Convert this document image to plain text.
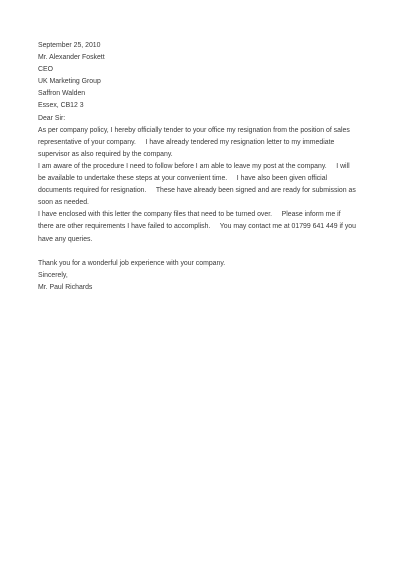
September 25, 2010
Mr. Alexander Foskett
CEO
UK Marketing Group
Saffron Walden
Essex, CB12 3
Dear Sir:
As per company policy, I hereby officially tender to your office my resignation from the position of sales
representative of your company.     I have already tendered my resignation letter to my immediate
supervisor as also required by the company.
I am aware of the procedure I need to follow before I am able to leave my post at the company.     I will
be available to undertake these steps at your convenient time.     I have also been given official
documents required for resignation.     These have already been signed and are ready for submission as
soon as needed.
I have enclosed with this letter the company files that need to be turned over.     Please inform me if
there are other requirements I have failed to accomplish.     You may contact me at 01799 641 449 if you
have any queries.
Thank you for a wonderful job experience with your company.
Sincerely,
Mr. Paul Richards
